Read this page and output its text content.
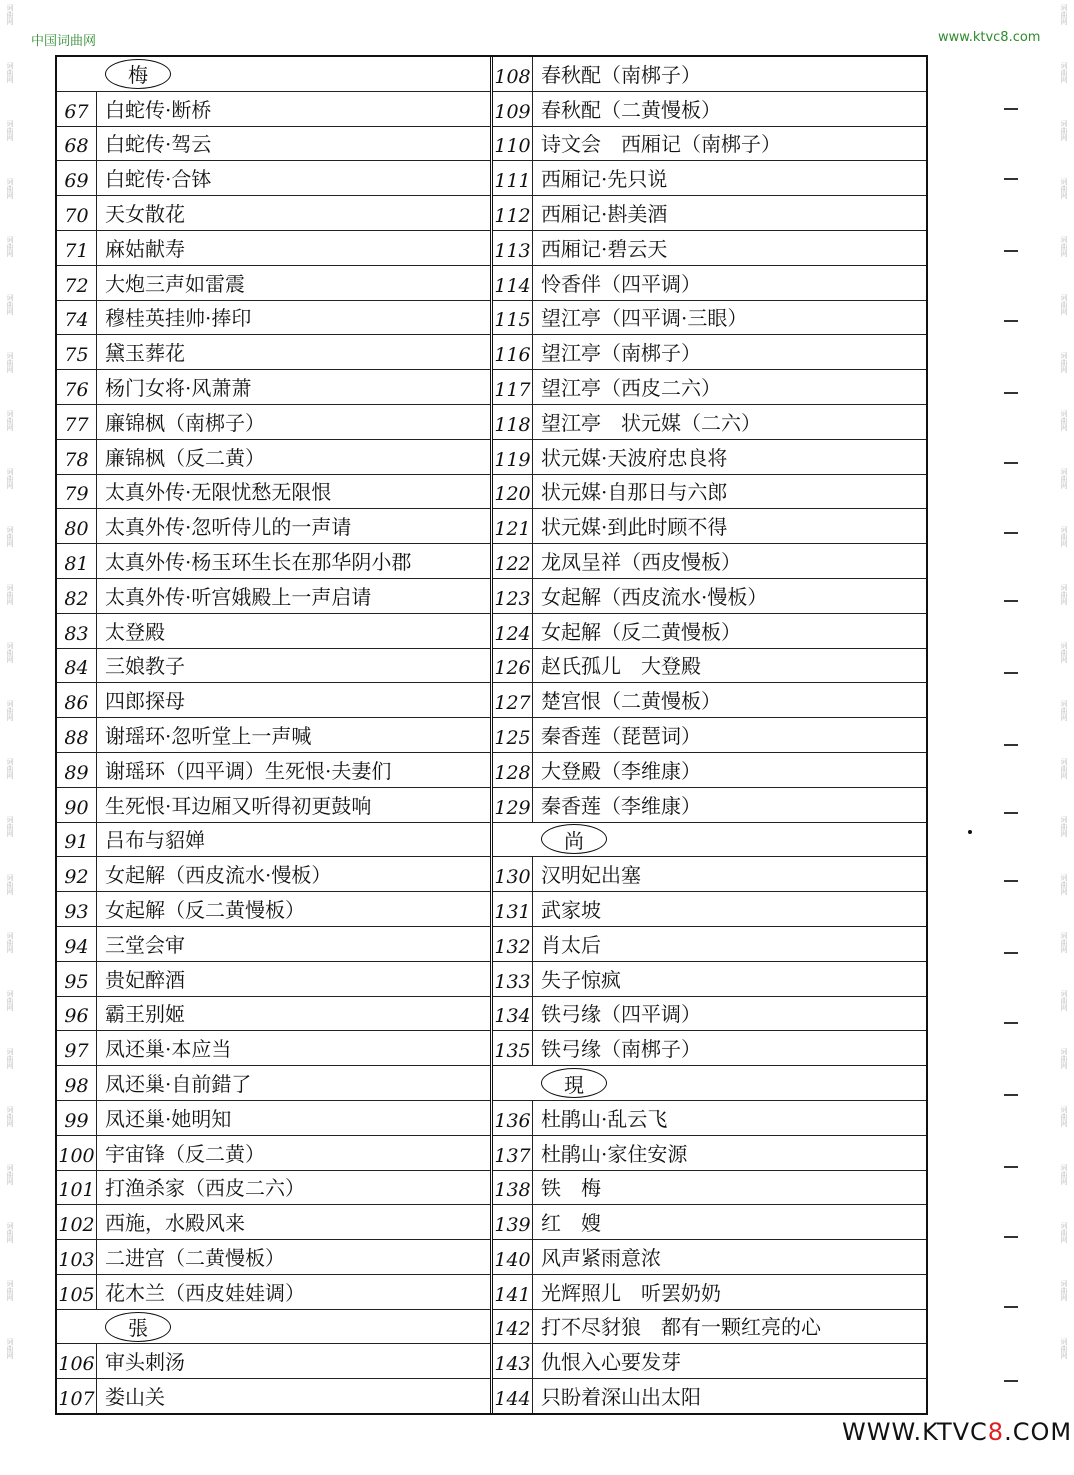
词曲网
词曲网
词曲网
词曲网
词曲网
词曲网
词曲网
词曲网
词曲网
词曲网
词曲网
词曲网
词曲网
词曲网
词曲网
词曲网
词曲网
词曲网
词曲网
词曲网
词曲网
词曲网
词曲网
词曲网
词曲网
词曲网
词曲网
词曲网
词曲网
词曲网
词曲网
词曲网
词曲网
词曲网
词曲网
词曲网
词曲网
词曲网
词曲网
词曲网
词曲网
词曲网
词曲网
词曲网
词曲网
词曲网
词曲网
词曲网
中国词曲网	www.ktvc8.com
梅
67 白蛇传·断桥
68 白蛇传·驾云
69 白蛇传·合钵
70 天女散花
71 麻姑献寿
72 大炮三声如雷震
74 穆桂英挂帅·捧印
75 黛玉葬花
76 杨门女将·风萧萧
77 廉锦枫（南梆子）
78 廉锦枫（反二黄）
79 太真外传·无限忧愁无限恨
80 太真外传·忽听侍儿的一声请
81 太真外传·杨玉环生长在那华阴小郡
82 太真外传·听宫娥殿上一声启请
83 太登殿
84 三娘教子
86 四郎探母
88 谢瑶环·忽听堂上一声喊
89 谢瑶环（四平调）生死恨·夫妻们
90 生死恨·耳边厢又听得初更鼓响
91 吕布与貂婵
92 女起解（西皮流水·慢板）
93 女起解（反二黄慢板）
94 三堂会审
95 贵妃醉酒
96 霸王别姬
97 凤还巢·本应当
98 凤还巢·自前錯了
99 凤还巢·她明知
100 宇宙锋（反二黄）
101 打渔杀家（西皮二六）
102 西施，水殿风来
103 二进宫（二黄慢板）
105 花木兰（西皮娃娃调）
張
106 审头刺汤
107 娄山关
108 春秋配（南梆子）
109 春秋配（二黄慢板）
110 诗文会　西厢记（南梆子）
111 西厢记·先只说
112 西厢记·斟美酒
113 西厢记·碧云天
114 怜香伴（四平调）
115 望江亭（四平调·三眼）
116 望江亭（南梆子）
117 望江亭（西皮二六）
118 望江亭　状元媒（二六）
119 状元媒·天波府忠良将
120 状元媒·自那日与六郎
121 状元媒·到此时顾不得
122 龙凤呈祥（西皮慢板）
123 女起解（西皮流水·慢板）
124 女起解（反二黄慢板）
126 赵氏孤儿　大登殿
127 楚宫恨（二黄慢板）
125 秦香莲（琵琶词）
128 大登殿（李维康）
129 秦香莲（李维康）
尚
130 汉明妃出塞
131 武家坡
132 肖太后
133 失子惊疯
134 铁弓缘（四平调）
135 铁弓缘（南梆子）
現
136 杜鹃山·乱云飞
137 杜鹃山·家住安源
138 铁　梅
139 红　嫂
140 风声紧雨意浓
141 光辉照儿　听罢奶奶
142 打不尽豺狼　都有一颗红亮的心
143 仇恨入心要发芽
144 只盼着深山出太阳
WWW.KTVC8.COM
